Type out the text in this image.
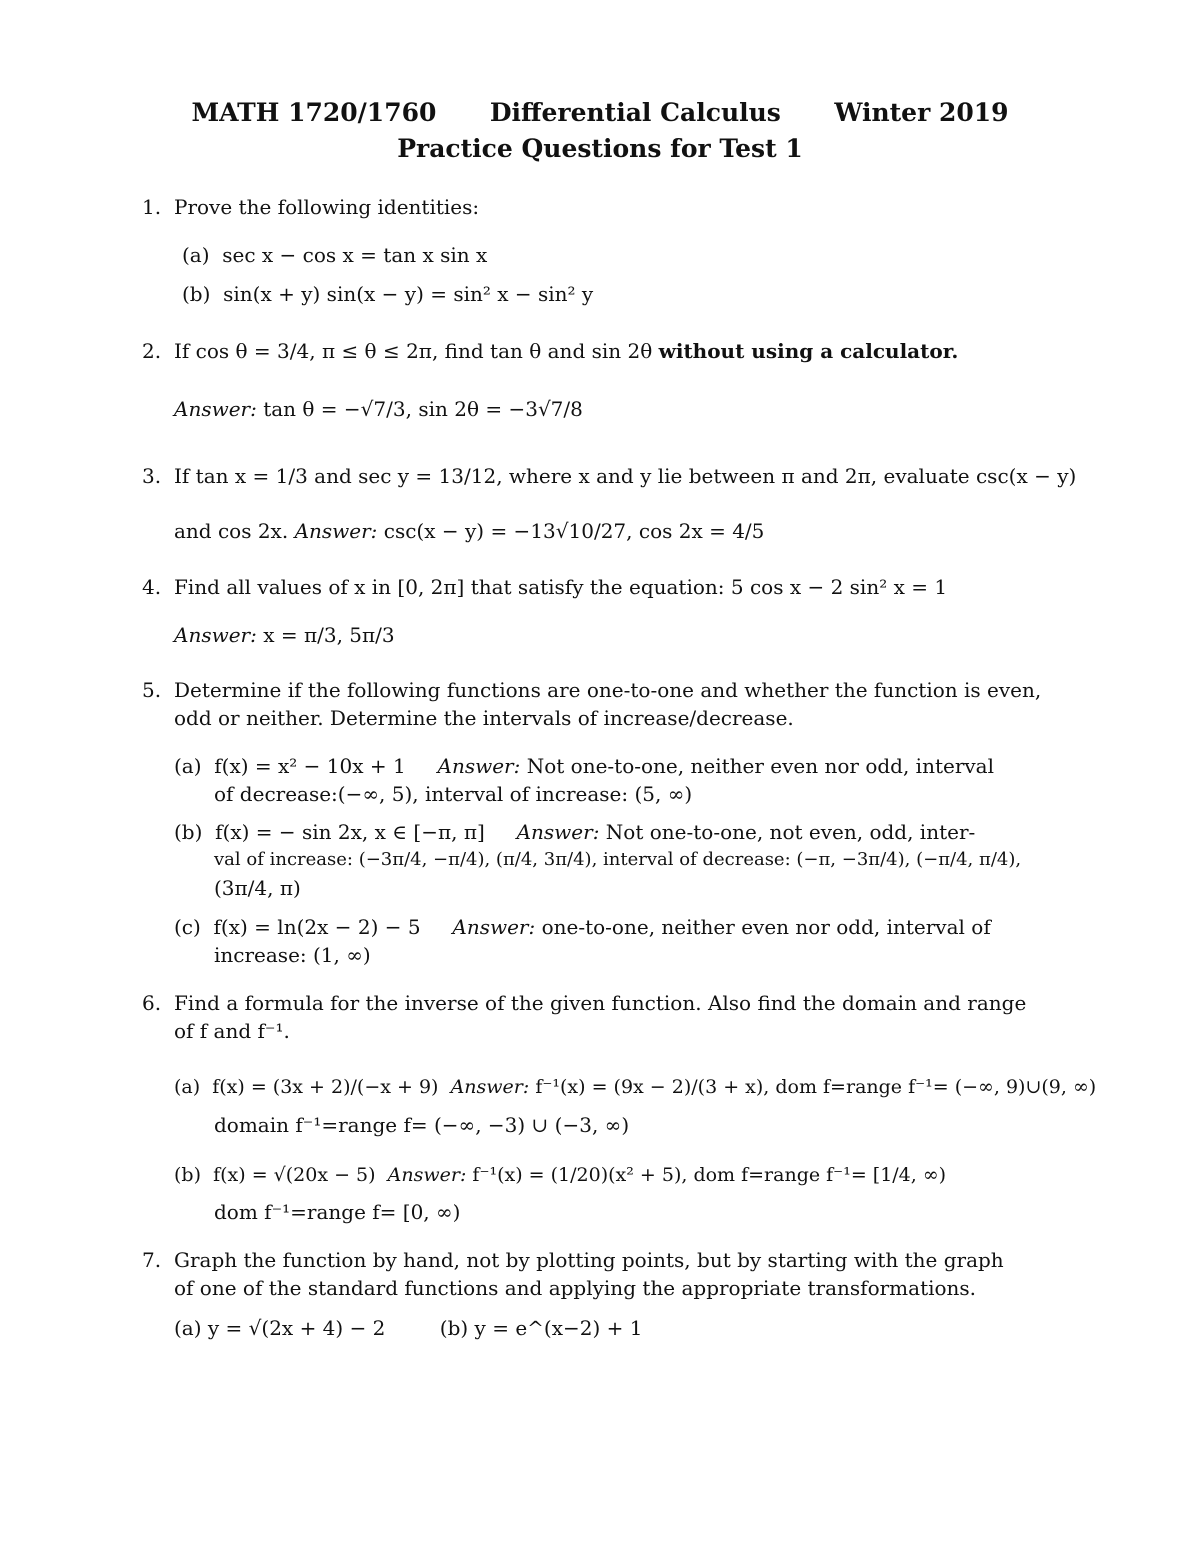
MATH 1720/1760 Differential Calculus Winter 2019
Practice Questions for Test 1
1. Prove the following identities:
(a)  sec x − cos x = tan x sin x
(b)  sin(x + y) sin(x − y) = sin² x − sin² y
2. If cos θ = 3/4, π ≤ θ ≤ 2π, find tan θ and sin 2θ without using a calculator.
Answer: tan θ = −√7/3, sin 2θ = −3√7/8
3. If tan x = 1/3 and sec y = 13/12, where x and y lie between π and 2π, evaluate csc(x − y)
and cos 2x. Answer: csc(x − y) = −13√10/27, cos 2x = 4/5
4. Find all values of x in [0, 2π] that satisfy the equation: 5 cos x − 2 sin² x = 1
Answer: x = π/3, 5π/3
5. Determine if the following functions are one-to-one and whether the function is even,
odd or neither. Determine the intervals of increase/decrease.
(a)  f(x) = x² − 10x + 1 Answer: Not one-to-one, neither even nor odd, interval
of decrease:(−∞, 5), interval of increase: (5, ∞)
(b)  f(x) = − sin 2x, x ∈ [−π, π] Answer: Not one-to-one, not even, odd, inter-
val of increase: (−3π/4, −π/4), (π/4, 3π/4), interval of decrease: (−π, −3π/4), (−π/4, π/4),
(3π/4, π)
(c)  f(x) = ln(2x − 2) − 5 Answer: one-to-one, neither even nor odd, interval of
increase: (1, ∞)
6. Find a formula for the inverse of the given function. Also find the domain and range
of f and f⁻¹.
(a)  f(x) = (3x + 2)/(−x + 9) Answer: f⁻¹(x) = (9x − 2)/(3 + x), dom f=range f⁻¹= (−∞, 9)∪(9, ∞)
domain f⁻¹=range f= (−∞, −3) ∪ (−3, ∞)
(b)  f(x) = √(20x − 5) Answer: f⁻¹(x) = (1/20)(x² + 5), dom f=range f⁻¹= [1/4, ∞)
dom f⁻¹=range f= [0, ∞)
7. Graph the function by hand, not by plotting points, but by starting with the graph
of one of the standard functions and applying the appropriate transformations.
(a) y = √(2x + 4) − 2	(b) y = e^(x−2) + 1
